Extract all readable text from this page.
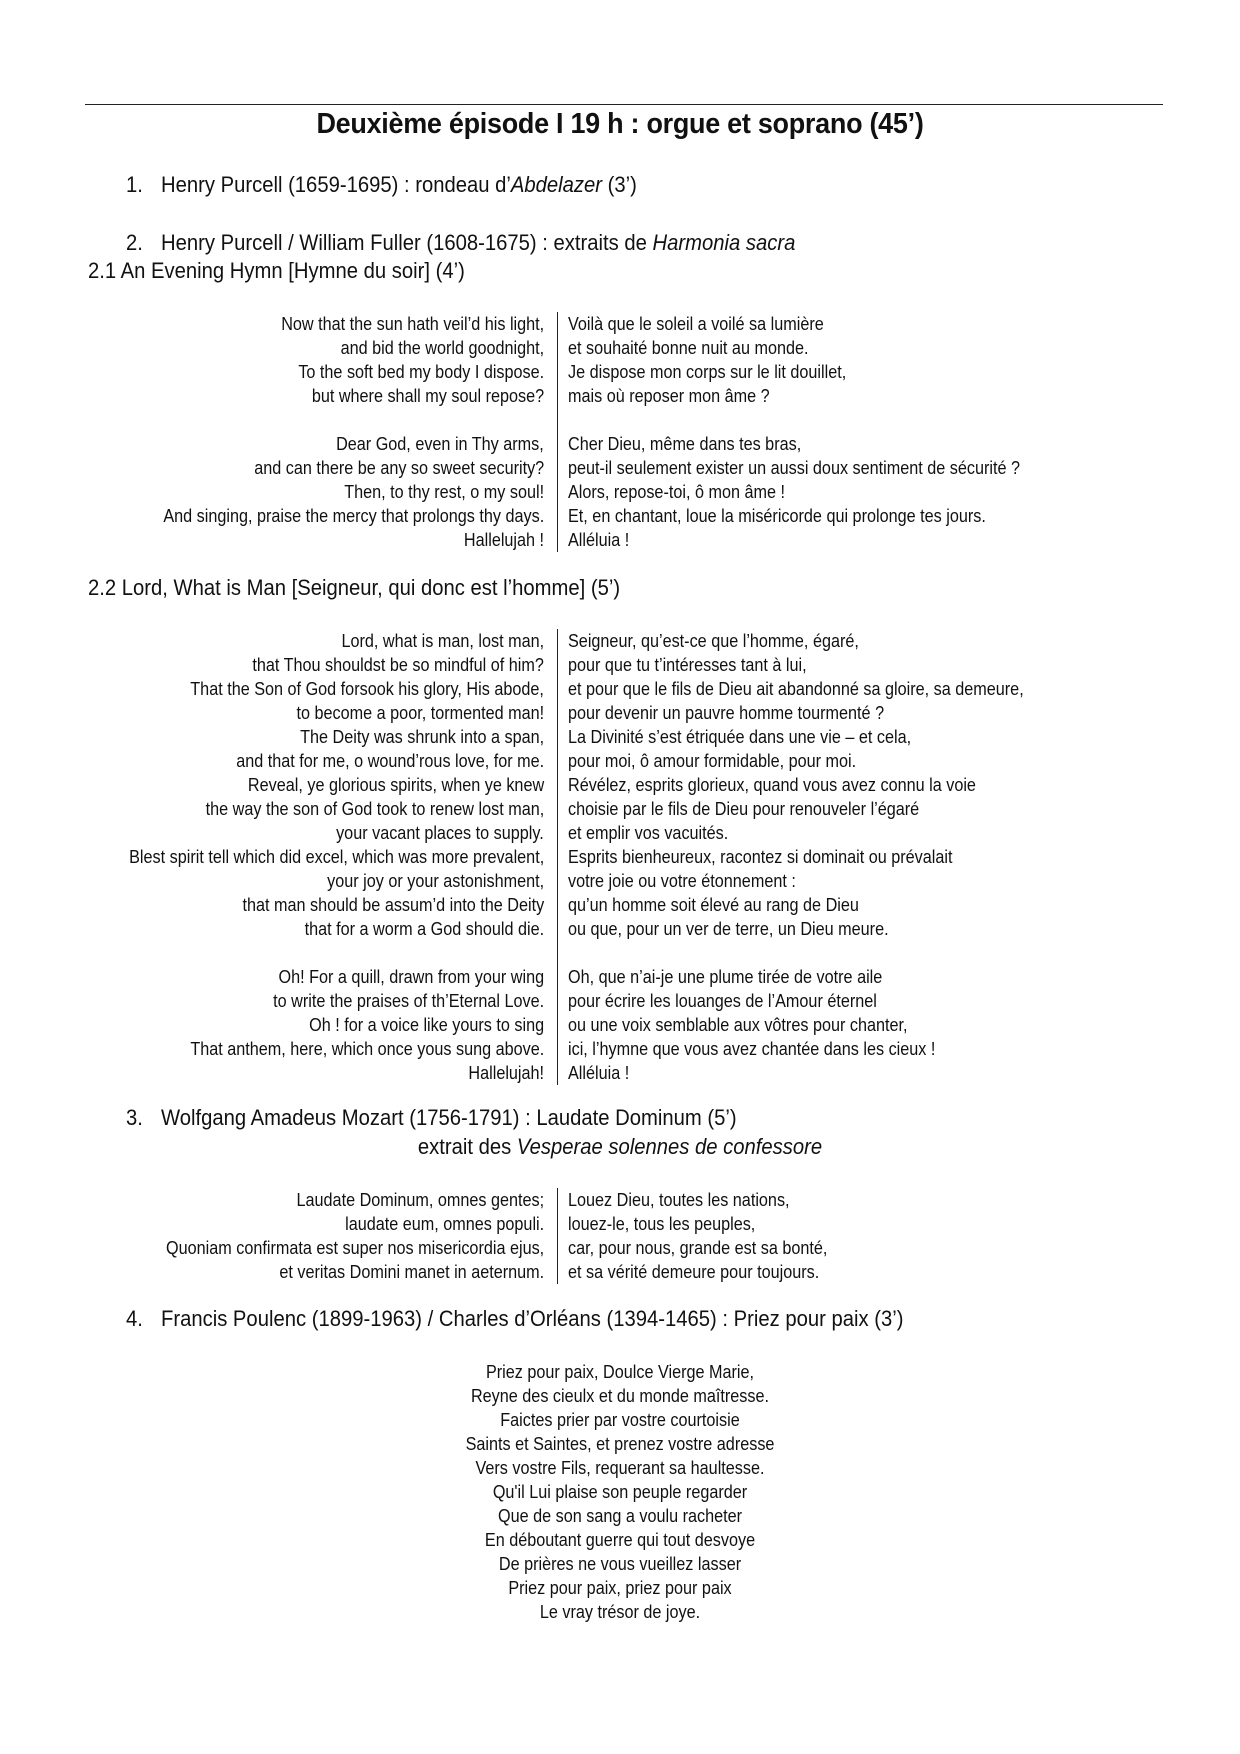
Deuxième épisode I 19 h : orgue et soprano (45’)
1. Henry Purcell (1659-1695) : rondeau d’Abdelazer (3’)
2. Henry Purcell / William Fuller (1608-1675) : extraits de Harmonia sacra
2.1 An Evening Hymn [Hymne du soir] (4’)
Now that the sun hath veil’d his light, Voilà que le soleil a voilé sa lumière
and bid the world goodnight, et souhaité bonne nuit au monde.
To the soft bed my body I dispose. Je dispose mon corps sur le lit douillet,
but where shall my soul repose? mais où reposer mon âme ?
Dear God, even in Thy arms, Cher Dieu, même dans tes bras,
and can there be any so sweet security? peut-il seulement exister un aussi doux sentiment de sécurité ?
Then, to thy rest, o my soul! Alors, repose-toi, ô mon âme !
And singing, praise the mercy that prolongs thy days. Et, en chantant, loue la miséricorde qui prolonge tes jours.
Hallelujah ! Alléluia !
2.2 Lord, What is Man [Seigneur, qui donc est l’homme] (5’)
Lord, what is man, lost man, Seigneur, qu’est-ce que l’homme, égaré,
that Thou shouldst be so mindful of him? pour que tu t’intéresses tant à lui,
That the Son of God forsook his glory, His abode, et pour que le fils de Dieu ait abandonné sa gloire, sa demeure,
to become a poor, tormented man! pour devenir un pauvre homme tourmenté ?
The Deity was shrunk into a span, La Divinité s’est étriquée dans une vie – et cela,
and that for me, o wound’rous love, for me. pour moi, ô amour formidable, pour moi.
Reveal, ye glorious spirits, when ye knew Révélez, esprits glorieux, quand vous avez connu la voie
the way the son of God took to renew lost man, choisie par le fils de Dieu pour renouveler l’égaré
your vacant places to supply. et emplir vos vacuités.
Blest spirit tell which did excel, which was more prevalent, Esprits bienheureux, racontez si dominait ou prévalait
your joy or your astonishment, votre joie ou votre étonnement :
that man should be assum’d into the Deity qu’un homme soit élevé au rang de Dieu
that for a worm a God should die. ou que, pour un ver de terre, un Dieu meure.
Oh! For a quill, drawn from your wing Oh, que n’ai-je une plume tirée de votre aile
to write the praises of th’Eternal Love. pour écrire les louanges de l’Amour éternel
Oh ! for a voice like yours to sing ou une voix semblable aux vôtres pour chanter,
That anthem, here, which once yous sung above. ici, l’hymne que vous avez chantée dans les cieux !
Hallelujah! Alléluia !
3. Wolfgang Amadeus Mozart (1756-1791) : Laudate Dominum (5’)
extrait des Vesperae solennes de confessore
Laudate Dominum, omnes gentes; Louez Dieu, toutes les nations,
laudate eum, omnes populi. louez-le, tous les peuples,
Quoniam confirmata est super nos misericordia ejus, car, pour nous, grande est sa bonté,
et veritas Domini manet in aeternum. et sa vérité demeure pour toujours.
4. Francis Poulenc (1899-1963) / Charles d’Orléans (1394-1465) : Priez pour paix (3’)
Priez pour paix, Doulce Vierge Marie,
Reyne des cieulx et du monde maîtresse.
Faictes prier par vostre courtoisie
Saints et Saintes, et prenez vostre adresse
Vers vostre Fils, requerant sa haultesse.
Qu'il Lui plaise son peuple regarder
Que de son sang a voulu racheter
En déboutant guerre qui tout desvoye
De prières ne vous vueillez lasser
Priez pour paix, priez pour paix
Le vray trésor de joye.
